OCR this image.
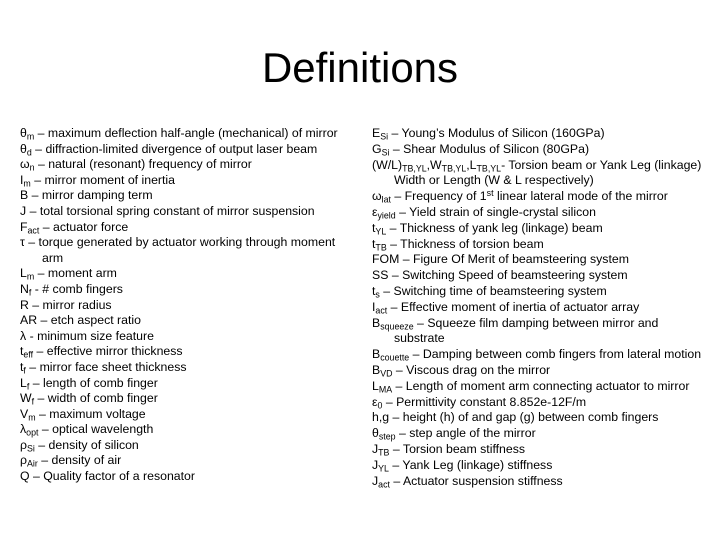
Definitions
$\theta_m$ – maximum deflection half-angle (mechanical) of mirror
$\theta_d$ – diffraction-limited divergence of output laser beam
$\omega_n$ – natural (resonant) frequency of mirror
$I_m$ – mirror moment of inertia
B – mirror damping term
J – total torsional spring constant of mirror suspension
$F_{act}$ – actuator force
τ – torque generated by actuator working through moment arm
$L_m$ – moment arm
$N_f$ - # comb fingers
R – mirror radius
AR – etch aspect ratio
λ - minimum size feature
$t_{eff}$ – effective mirror thickness
$t_f$ – mirror face sheet thickness
$L_f$ – length of comb finger
$W_f$ – width of comb finger
$V_m$ – maximum voltage
$\lambda_{opt}$ – optical wavelength
$\rho_{Si}$ – density of silicon
$\rho_{Air}$ – density of air
Q – Quality factor of a resonator
$E_{Si}$ – Young’s Modulus of Silicon (160GPa)
$G_{Si}$ – Shear Modulus of Silicon (80GPa)
$(W/L)_{TB,YL},W_{TB,YL},L_{TB,YL}-$ Torsion beam or Yank Leg (linkage) Width or Length (W & L respectively)
$\omega_{lat}$ – Frequency of 1st linear lateral mode of the mirror
$\varepsilon_{yield}$ – Yield strain of single-crystal silicon
$t_{YL}$ – Thickness of yank leg (linkage) beam
$t_{TB}$ – Thickness of torsion beam
FOM – Figure Of Merit of beamsteering system
SS – Switching Speed of beamsteering system
$t_s$ – Switching time of beamsteering system
$I_{act}$ – Effective moment of inertia of actuator array
$B_{squeeze}$ – Squeeze film damping between mirror and substrate
$B_{couette}$ – Damping between comb fingers from lateral motion
$B_{VD}$ – Viscous drag on the mirror
$L_{MA}$ – Length of moment arm connecting actuator to mirror
$\varepsilon_0$ – Permittivity constant 8.852e-12F/m
h,g – height (h) of and gap (g) between comb fingers
$\theta_{step}$ – step angle of the mirror
$J_{TB}$ – Torsion beam stiffness
$J_{YL}$ – Yank Leg (linkage) stiffness
$J_{act}$ – Actuator suspension stiffness
